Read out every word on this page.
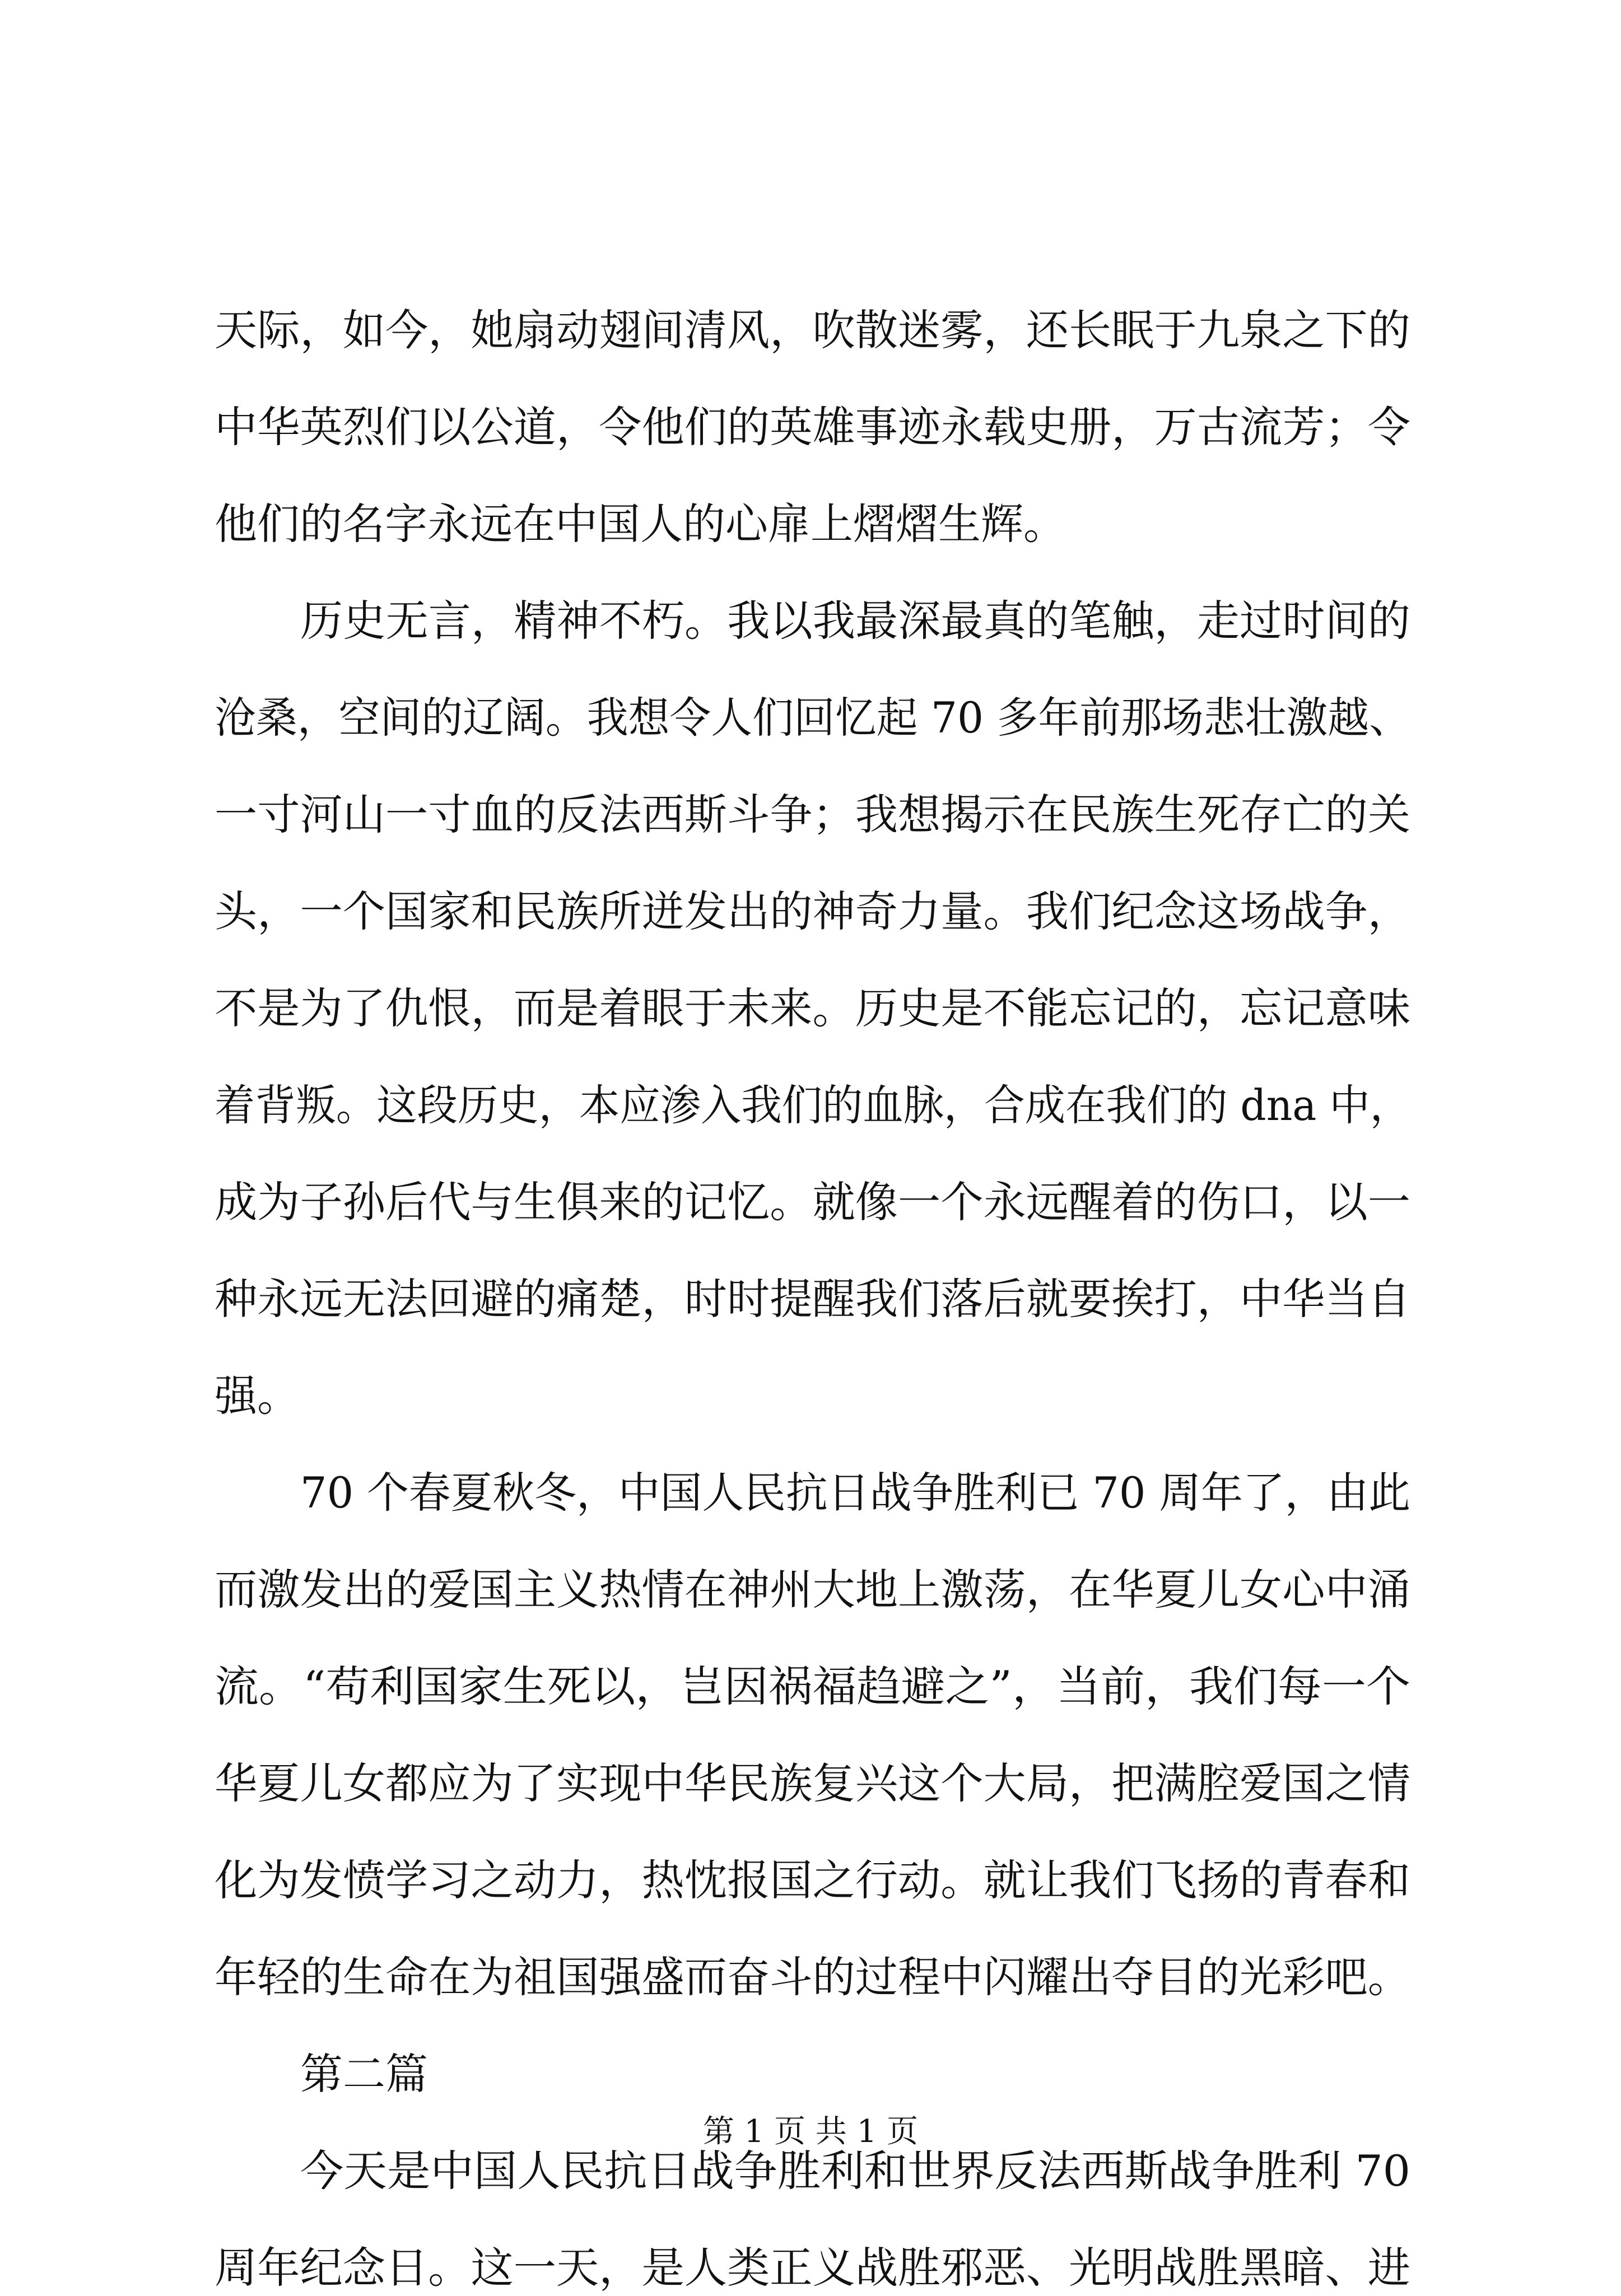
天际，如今，她扇动翅间清风，吹散迷雾，还长眠于九泉之下的
中华英烈们以公道，令他们的英雄事迹永载史册，万古流芳；令
他们的名字永远在中国人的心扉上熠熠生辉。
历史无言，精神不朽。我以我最深最真的笔触，走过时间的
沧桑，空间的辽阔。我想令人们回忆起 70 多年前那场悲壮激越、
一寸河山一寸血的反法西斯斗争；我想揭示在民族生死存亡的关
头，一个国家和民族所迸发出的神奇力量。我们纪念这场战争，
不是为了仇恨，而是着眼于未来。历史是不能忘记的，忘记意味
着背叛。这段历史，本应渗入我们的血脉，合成在我们的 dna 中，
成为子孙后代与生俱来的记忆。就像一个永远醒着的伤口，以一
种永远无法回避的痛楚，时时提醒我们落后就要挨打，中华当自
强。
70 个春夏秋冬，中国人民抗日战争胜利已 70 周年了，由此
而激发出的爱国主义热情在神州大地上激荡，在华夏儿女心中涌
流。“苟利国家生死以，岂因祸福趋避之”，当前，我们每一个
华夏儿女都应为了实现中华民族复兴这个大局，把满腔爱国之情
化为发愤学习之动力，热忱报国之行动。就让我们飞扬的青春和
年轻的生命在为祖国强盛而奋斗的过程中闪耀出夺目的光彩吧。
第二篇
今天是中国人民抗日战争胜利和世界反法西斯战争胜利 70
周年纪念日。这一天，是人类正义战胜邪恶、光明战胜黑暗、进
第 1 页 共 1 页
